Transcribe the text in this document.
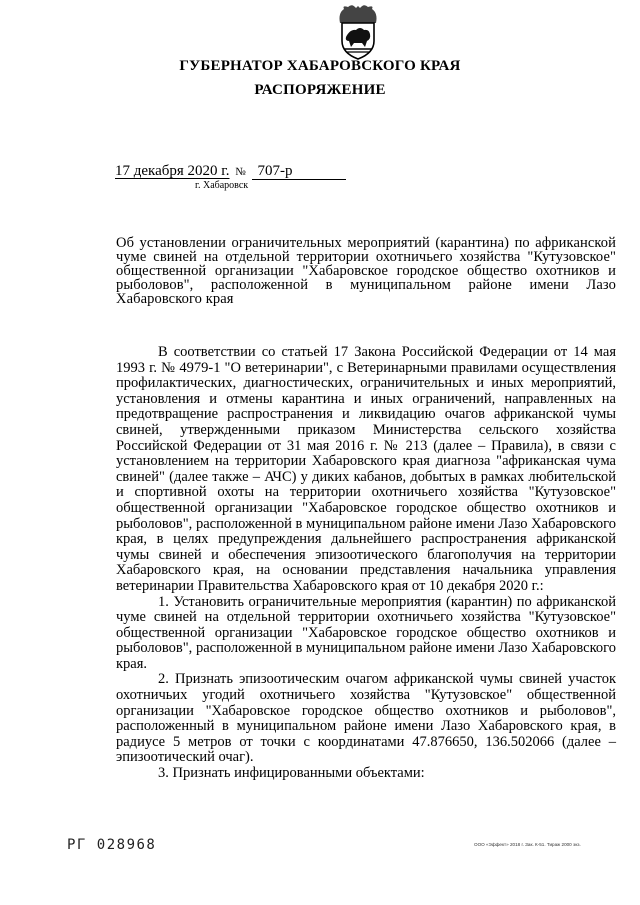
ГУБЕРНАТОР ХАБАРОВСКОГО КРАЯ
РАСПОРЯЖЕНИЕ
17 декабря 2020 г. № 707-р
г. Хабаровск
Об установлении ограничительных мероприятий (карантина) по африканской чуме свиней на отдельной территории охотничьего хозяйства "Кутузовское" общественной организации "Хабаровское городское общество охотников и рыболовов", расположенной в муниципальном районе имени Лазо Хабаровского края

В соответствии со статьей 17 Закона Российской Федерации от 14 мая 1993 г. № 4979-1 "О ветеринарии", с Ветеринарными правилами осуществления профилактических, диагностических, ограничительных и иных мероприятий, установления и отмены карантина и иных ограничений, направленных на предотвращение распространения и ликвидацию очагов африканской чумы свиней, утвержденными приказом Министерства сельского хозяйства Российской Федерации от 31 мая 2016 г. № 213 (далее – Правила), в связи с установлением на территории Хабаровского края диагноза "африканская чума свиней" (далее также – АЧС) у диких кабанов, добытых в рамках любительской и спортивной охоты на территории охотничьего хозяйства "Кутузовское" общественной организации "Хабаровское городское общество охотников и рыболовов", расположенной в муниципальном районе имени Лазо Хабаровского края, в целях предупреждения дальнейшего распространения африканской чумы свиней и обеспечения эпизоотического благополучия на территории Хабаровского края, на основании представления начальника управления ветеринарии Правительства Хабаровского края от 10 декабря 2020 г.:

1. Установить ограничительные мероприятия (карантин) по африканской чуме свиней на отдельной территории охотничьего хозяйства "Кутузовское" общественной организации "Хабаровское городское общество охотников и рыболовов", расположенной в муниципальном районе имени Лазо Хабаровского края.

2. Признать эпизоотическим очагом африканской чумы свиней участок охотничьих угодий охотничьего хозяйства "Кутузовское" общественной организации "Хабаровское городское общество охотников и рыболовов", расположенный в муниципальном районе имени Лазо Хабаровского края, в радиусе 5 метров от точки с координатами 47.876650, 136.502066 (далее – эпизоотический очаг).

3. Признать инфицированными объектами:

РГ 028968	ООО «Эффект» 2018 г. Зак. К-51. Тираж 2000 экз.
